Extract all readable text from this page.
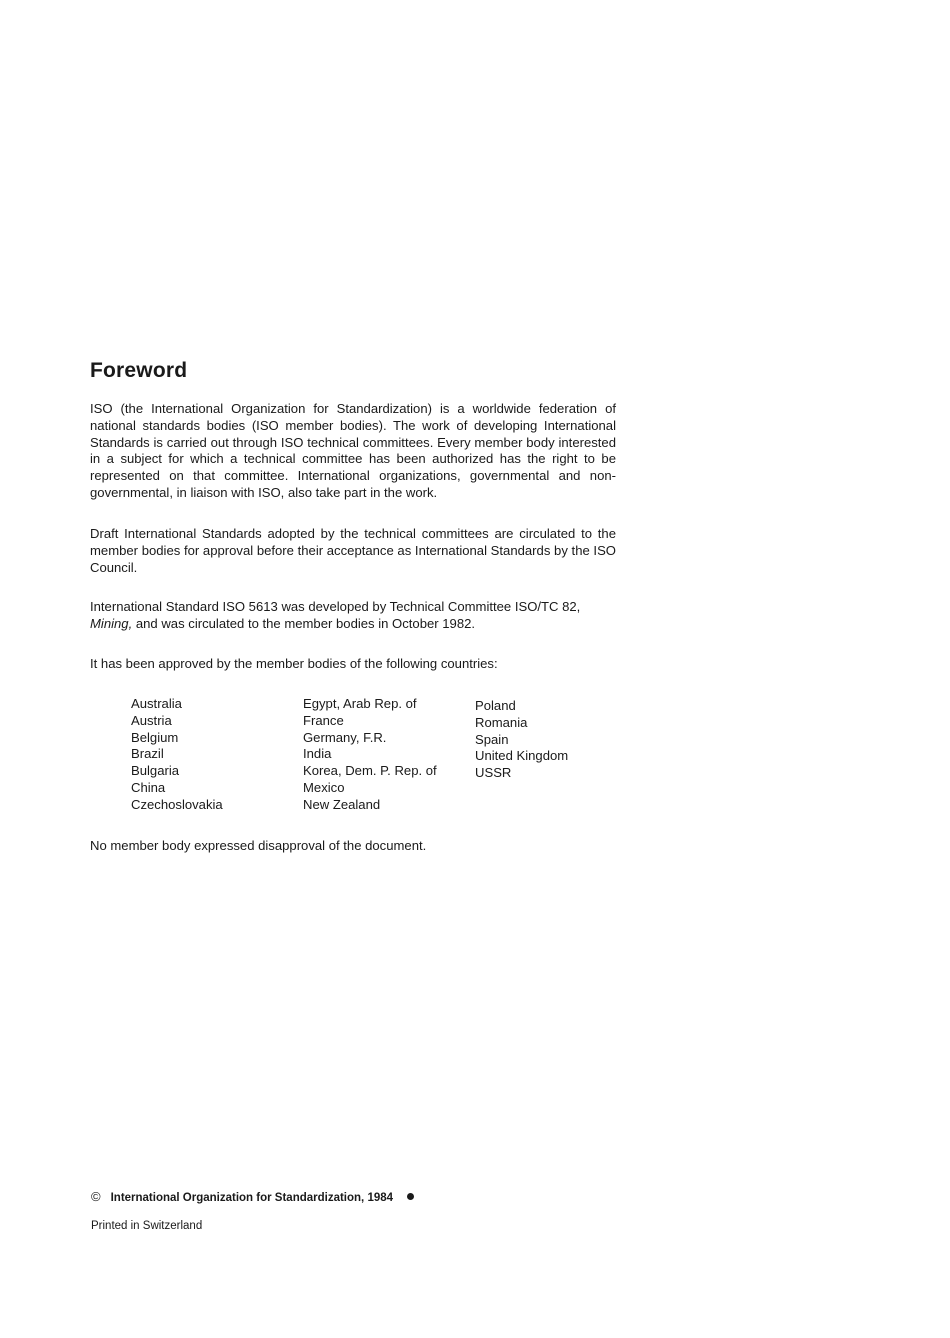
Foreword

ISO (the International Organization for Standardization) is a worldwide federation of national standards bodies (ISO member bodies). The work of developing International Standards is carried out through ISO technical committees. Every member body interested in a subject for which a technical committee has been authorized has the right to be represented on that committee. International organizations, governmental and non-governmental, in liaison with ISO, also take part in the work.

Draft International Standards adopted by the technical committees are circulated to the member bodies for approval before their acceptance as International Standards by the ISO Council.

International Standard ISO 5613 was developed by Technical Committee ISO/TC 82,
Mining, and was circulated to the member bodies in October 1982.

It has been approved by the member bodies of the following countries:

Australia
Austria
Belgium
Brazil
Bulgaria
China
Czechoslovakia
Egypt, Arab Rep. of
France
Germany, F.R.
India
Korea, Dem. P. Rep. of
Mexico
New Zealand
Poland
Romania
Spain
United Kingdom
USSR

No member body expressed disapproval of the document.

© International Organization for Standardization, 1984

Printed in Switzerland
